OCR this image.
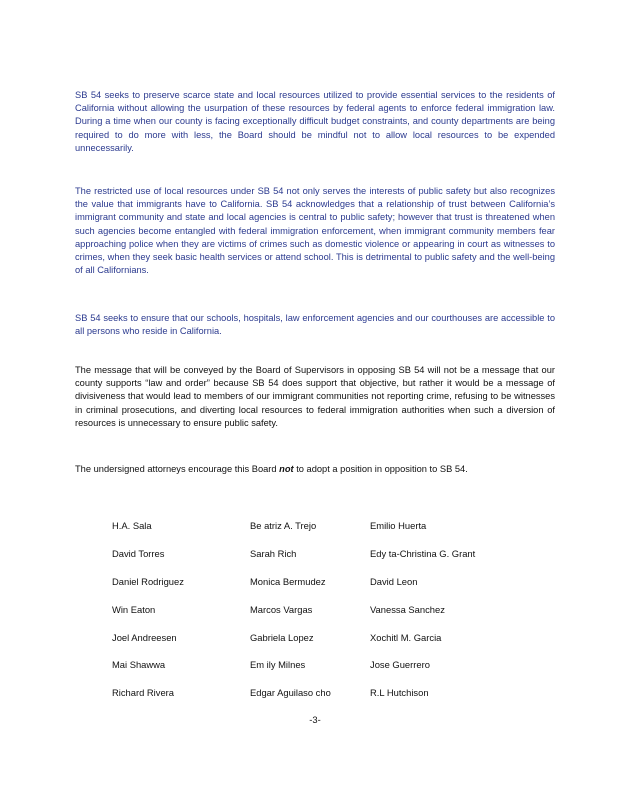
SB 54 seeks to preserve scarce state and local resources utilized to provide essential services to the residents of California without allowing the usurpation of these resources by federal agents to enforce federal immigration law. During a time when our county is facing exceptionally difficult budget constraints, and county departments are being required to do more with less, the Board should be mindful not to allow local resources to be expended unnecessarily.

The restricted use of local resources under SB 54 not only serves the interests of public safety but also recognizes the value that immigrants have to California. SB 54 acknowledges that a relationship of trust between California’s immigrant community and state and local agencies is central to public safety; however that trust is threatened when such agencies become entangled with federal immigration enforcement, when immigrant community members fear approaching police when they are victims of crimes such as domestic violence or appearing in court as witnesses to crimes, when they seek basic health services or attend school. This is detrimental to public safety and the well-being of all Californians.

SB 54 seeks to ensure that our schools, hospitals, law enforcement agencies and our courthouses are accessible to all persons who reside in California.

The message that will be conveyed by the Board of Supervisors in opposing SB 54 will not be a message that our county supports “law and order” because SB 54 does support that objective, but rather it would be a message of divisiveness that would lead to members of our immigrant communities not reporting crime, refusing to be witnesses in criminal prosecutions, and diverting local resources to federal immigration authorities when such a diversion of resources is unnecessary to ensure public safety.

The undersigned attorneys encourage this Board not to adopt a position in opposition to SB 54.

H.A. Sala

David Torres

Daniel Rodriguez

Win Eaton

Joel Andreesen

Mai Shawwa

Richard Rivera

Be atriz A. Trejo

Sarah Rich

Monica Bermudez

Marcos Vargas

Gabriela Lopez

Em ily Milnes

Edgar Aguilaso cho

Emilio Huerta

Edy ta-Christina G. Grant

David Leon

Vanessa Sanchez

Xochitl M. Garcia

Jose Guerrero

R.L Hutchison

-3-
